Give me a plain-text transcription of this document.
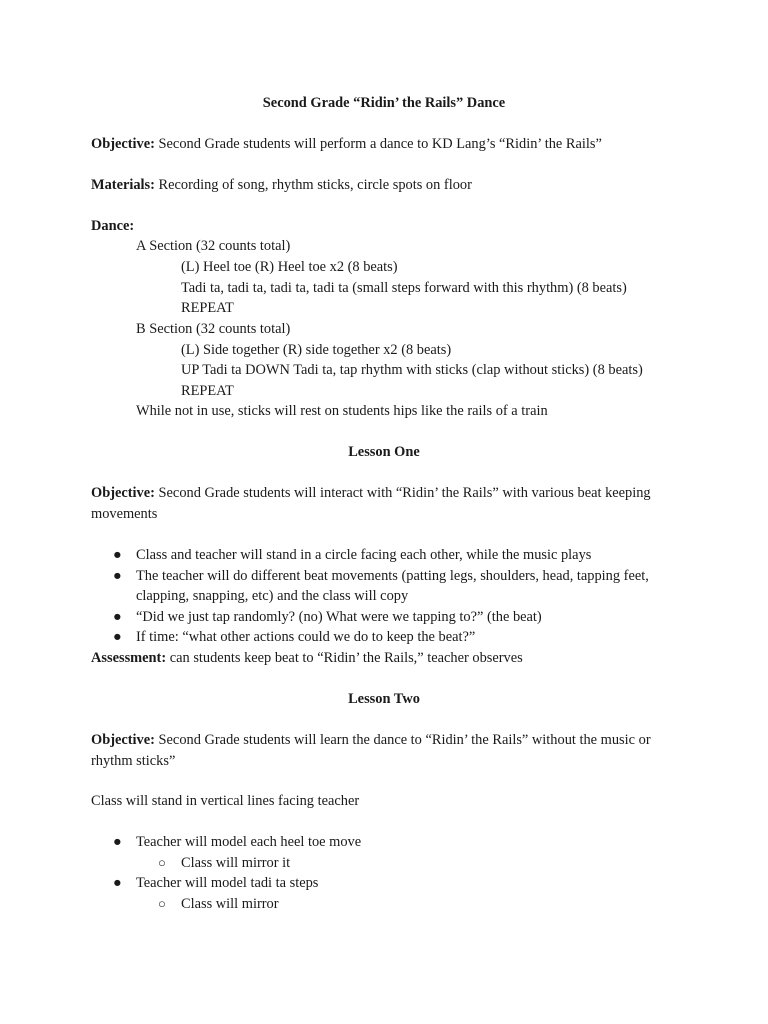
Second Grade “Ridin’ the Rails” Dance
Objective: Second Grade students will perform a dance to KD Lang’s “Ridin’ the Rails”
Materials: Recording of song, rhythm sticks, circle spots on floor
Dance:
A Section (32 counts total)
(L) Heel toe (R) Heel toe x2 (8 beats)
Tadi ta, tadi ta, tadi ta, tadi ta (small steps forward with this rhythm) (8 beats)
REPEAT
B Section (32 counts total)
(L) Side together (R) side together x2 (8 beats)
UP Tadi ta DOWN Tadi ta, tap rhythm with sticks (clap without sticks) (8 beats)
REPEAT
While not in use, sticks will rest on students hips like the rails of a train
Lesson One
Objective: Second Grade students will interact with “Ridin’ the Rails” with various beat keeping
movements
● Class and teacher will stand in a circle facing each other, while the music plays
● The teacher will do different beat movements (patting legs, shoulders, head, tapping feet,
clapping, snapping, etc) and the class will copy
● “Did we just tap randomly? (no) What were we tapping to?” (the beat)
● If time: “what other actions could we do to keep the beat?”
Assessment: can students keep beat to “Ridin’ the Rails,” teacher observes
Lesson Two
Objective: Second Grade students will learn the dance to “Ridin’ the Rails” without the music or
rhythm sticks”
Class will stand in vertical lines facing teacher
● Teacher will model each heel toe move
○ Class will mirror it
● Teacher will model tadi ta steps
○ Class will mirror
